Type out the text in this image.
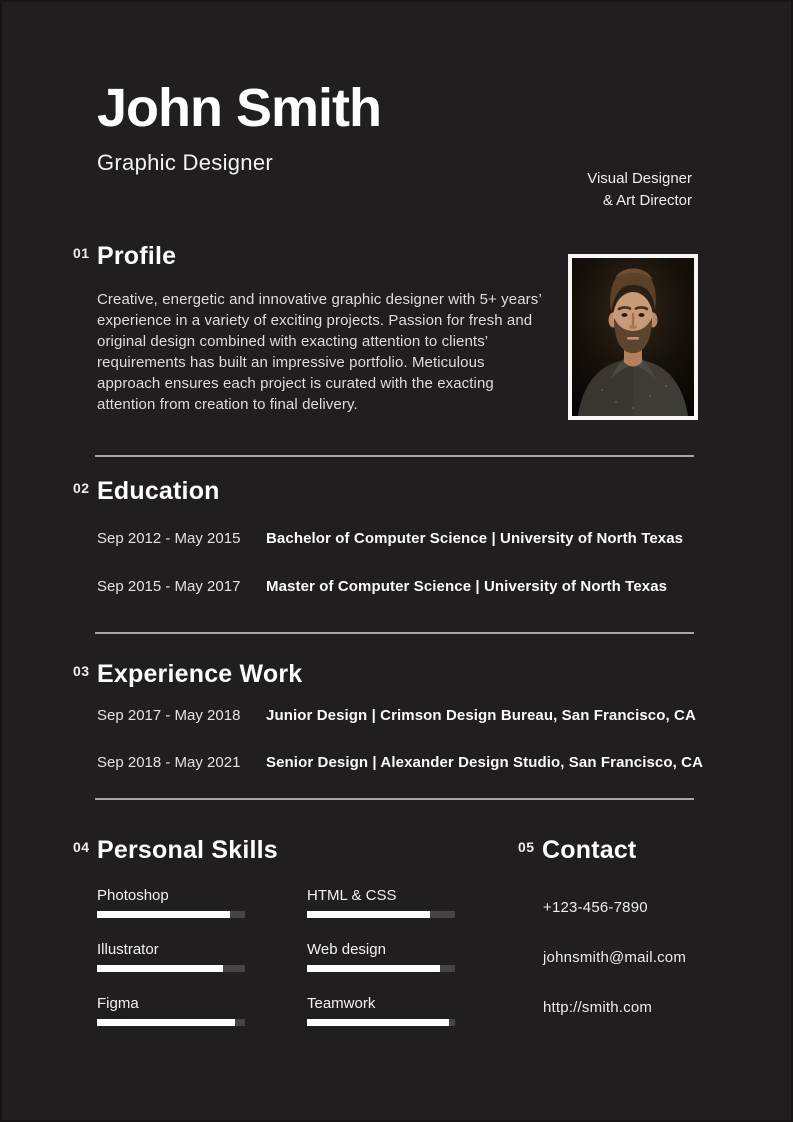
John Smith

Graphic Designer

Visual Designer
& Art Director
01 Profile

Creative, energetic and innovative graphic designer with 5+ years’ experience in a variety of exciting projects. Passion for fresh and original design combined with exacting attention to clients’ requirements has built an impressive portfolio. Meticulous approach ensures each project is curated with the exacting attention from creation to final delivery.

02 Education
Sep 2012 - May 2015	Bachelor of Computer Science | University of North Texas
Sep 2015 - May 2017	Master of Computer Science | University of North Texas
03 Experience Work
Sep 2017 - May 2018	Junior Design | Crimson Design Bureau, San Francisco, CA
Sep 2018 - May 2021	Senior Design | Alexander Design Studio, San Francisco, CA
04 Personal Skills

Photoshop

Illustrator

Figma

HTML & CSS

Web design

Teamwork

05 Contact
+123-456-7890
johnsmith@mail.com
http://smith.com
